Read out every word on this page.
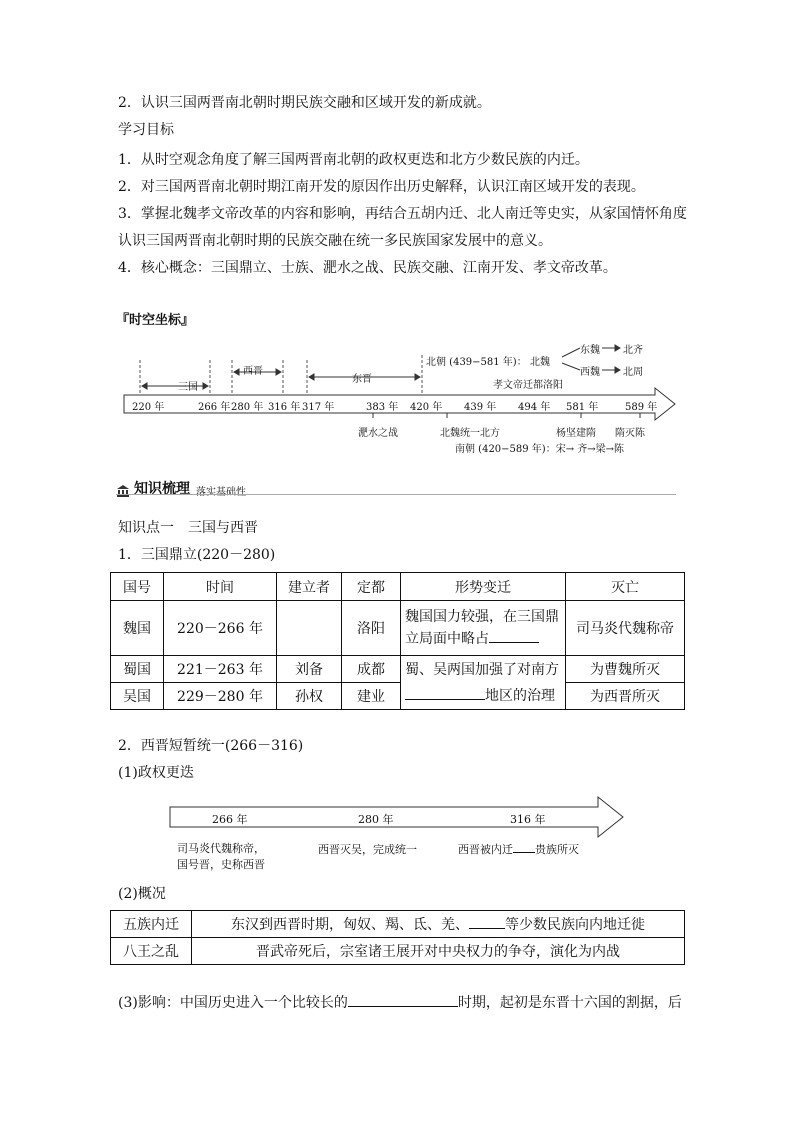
2．认识三国两晋南北朝时期民族交融和区域开发的新成就。
学习目标
1．从时空观念角度了解三国两晋南北朝的政权更迭和北方少数民族的内迁。
2．对三国两晋南北朝时期江南开发的原因作出历史解释，认识江南区域开发的表现。
3．掌握北魏孝文帝改革的内容和影响，再结合五胡内迁、北人南迁等史实，从家国情怀角度
认识三国两晋南北朝时期的民族交融在统一多民族国家发展中的意义。
4．核心概念：三国鼎立、士族、淝水之战、民族交融、江南开发、孝文帝改革。
『时空坐标』
220 年	266 年 280 年 316 年 317 年	383 年 420 年 439 年 494 年 581 年	589 年
三国
西晋
东晋
北朝 (439−581 年)： 北魏
东魏
西魏
北齐
北周
孝文帝迁都洛阳
淝水之战	北魏统一北方	杨坚建隋 隋灭陈
南朝 (420−589 年)：宋→ 齐→梁→陈
知识梳理 落实基础性
知识点一　三国与西晋
1．三国鼎立(220－280)
国号	时间	建立者	定都	形势变迁	灭亡
魏国	220－266 年		洛阳	魏国国力较强，在三国鼎
立局面中略占	司马炎代魏称帝
蜀国	221－263 年	刘备	成都	蜀、吴两国加强了对南方
地区的治理	为曹魏所灭
吴国	229－280 年	孙权	建业		为西晋所灭
2．西晋短暂统一(266－316)
(1)政权更迭
266 年	280 年	316 年
司马炎代魏称帝，
国号晋，史称西晋
西晋灭吴，完成统一	西晋被内迁 贵族所灭
(2)概况
五族内迁	东汉到西晋时期，匈奴、羯、氐、羌、 等少数民族向内地迁徙
八王之乱	晋武帝死后，宗室诸王展开对中央权力的争夺，演化为内战
(3)影响：中国历史进入一个比较长的	时期，起初是东晋十六国的割据，后
